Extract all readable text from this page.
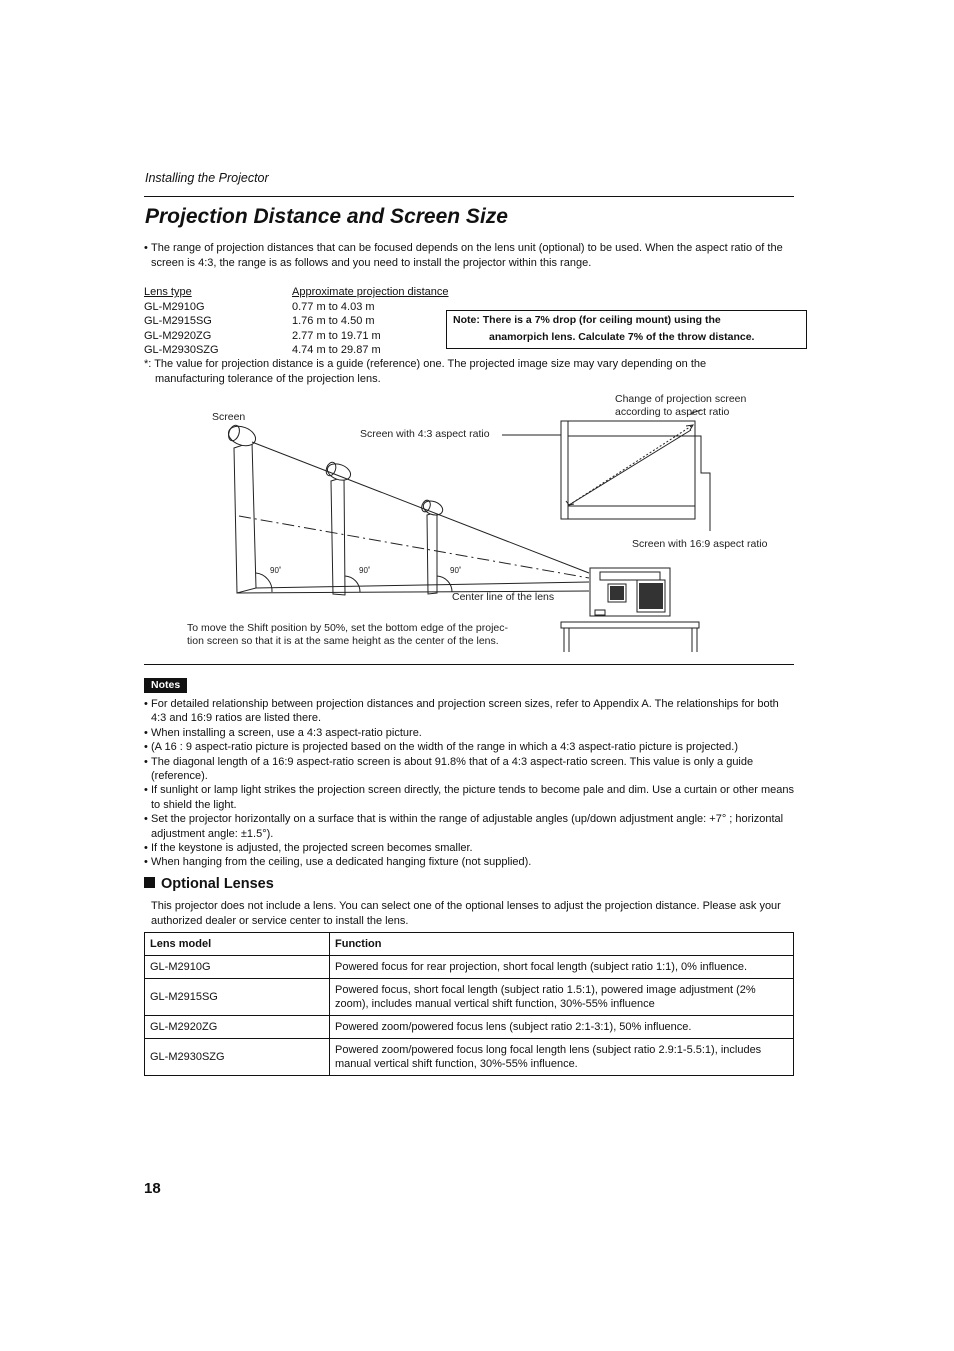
Installing the Projector
Projection Distance and Screen Size
• The range of projection distances that can be focused depends on the lens unit (optional) to be used. When the aspect ratio of the screen is 4:3, the range is as follows and you need to install the projector within this range.
Lens type	Approximate projection distance
GL-M2910G	0.77 m to 4.03 m
GL-M2915SG	1.76 m to 4.50 m
GL-M2920ZG	2.77 m to 19.71 m
GL-M2930SZG	4.74 m to 29.87 m
Note: There is a 7% drop (for ceiling mount) using the
anamorpich lens. Calculate 7% of the throw distance.
*: The value for projection distance is a guide (reference) one. The projected image size may vary depending on the
manufacturing tolerance of the projection lens.
Screen
Change of projection screen
according to aspect ratio
Screen with 4:3 aspect ratio
Screen with 16:9 aspect ratio
90˚	90˚	90˚
Center line of the lens
To move the Shift position by 50%, set the bottom edge of the projec-
tion screen so that it is at the same height as the center of the lens.
Notes
• For detailed relationship between projection distances and projection screen sizes, refer to Appendix A. The relationships for both 4:3 and 16:9 ratios are listed there.
• When installing a screen, use a 4:3 aspect-ratio picture.
• (A 16 : 9 aspect-ratio picture is projected based on the width of the range in which a 4:3 aspect-ratio picture is projected.)
• The diagonal length of a 16:9 aspect-ratio screen is about 91.8% that of a 4:3 aspect-ratio screen. This value is only a guide (reference).
• If sunlight or lamp light strikes the projection screen directly, the picture tends to become pale and dim. Use a curtain or other means to shield the light.
• Set the projector horizontally on a surface that is within the range of adjustable angles (up/down adjustment angle: +7° ; horizontal adjustment angle: ±1.5°).
• If the keystone is adjusted, the projected screen becomes smaller.
• When hanging from the ceiling, use a dedicated hanging fixture (not supplied).
Optional Lenses
This projector does not include a lens. You can select one of the optional lenses to adjust the projection distance. Please ask your authorized dealer or service center to install the lens.
Lens model	Function
GL-M2910G	Powered focus for rear projection, short focal length (subject ratio 1:1), 0% influence.
GL-M2915SG	Powered focus, short focal length (subject ratio 1.5:1), powered image adjustment (2% zoom), includes manual vertical shift function, 30%-55% influence
GL-M2920ZG	Powered zoom/powered focus lens (subject ratio 2:1-3:1), 50% influence.
GL-M2930SZG	Powered zoom/powered focus long focal length lens (subject ratio 2.9:1-5.5:1), includes manual vertical shift function, 30%-55% influence.
18
